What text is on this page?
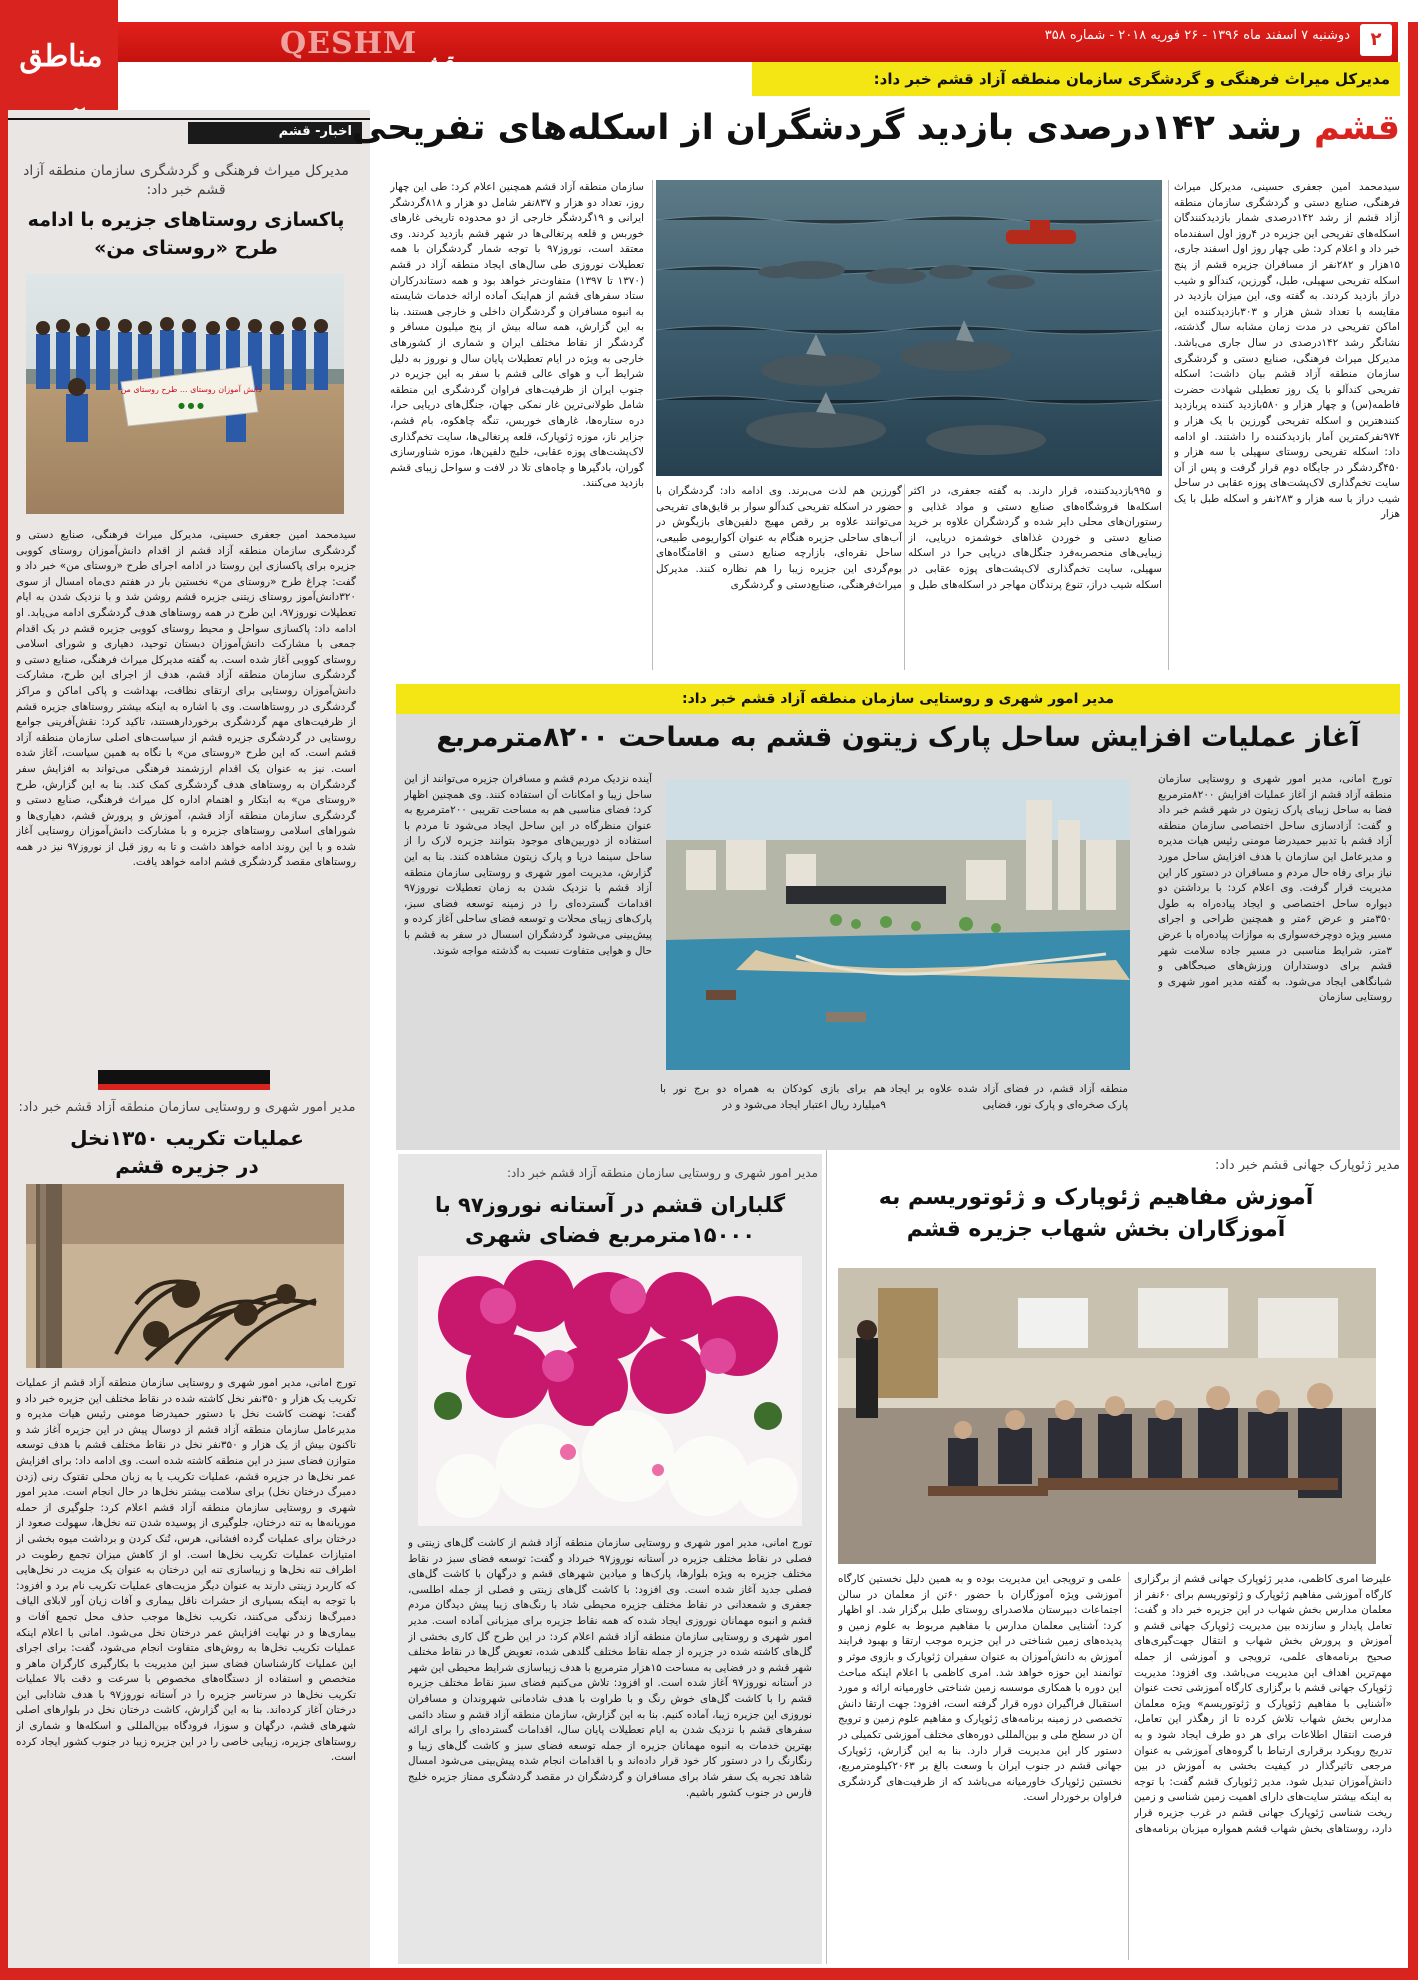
مناطق	QESHM
قشم
دوشنبه ۷ اسفند ماه ۱۳۹۶ - ۲۶ فوریه ۲۰۱۸ - شماره ۳۵۸	۲
اخبار- قشم
مدیرکل میراث فرهنگی و گردشگری سازمان منطقه آزاد قشم خبر داد:
پاکسازی روستاهای جزیره با ادامه طرح «روستای من»
دانش آموزان روستای ... طرح روستای من
● ● ●
سیدمحمد امین جعفری حسینی، مدیرکل میراث فرهنگی، صنایع دستی و گردشگری سازمان منطقه آزاد قشم از اقدام دانش‌آموزان روستای کووبی جزیره برای پاکسازی این روستا در ادامه اجرای طرح «روستای من» خبر داد و گفت: چراغ طرح «روستای من» نخستین بار در هفتم دی‌ماه امسال از سوی ۳۲۰دانش‌آموز روستای زیتنی جزیره قشم روشن شد و با نزدیک شدن به ایام تعطیلات نوروز۹۷، این طرح در همه روستاهای هدف گردشگری ادامه می‌یابد. او ادامه داد: پاکسازی سواحل و محیط روستای کووبی جزیره قشم در یک اقدام جمعی با مشارکت دانش‌آموزان دبستان توحید، دهیاری و شورای اسلامی روستای کووبی آغاز شده است. به گفته مدیرکل میراث فرهنگی، صنایع دستی و گردشگری سازمان منطقه آزاد قشم، هدف از اجرای این طرح، مشارکت دانش‌آموزان روستایی برای ارتقای نظافت، بهداشت و پاکی اماکن و مراکز گردشگری در روستاهاست. وی با اشاره به اینکه بیشتر روستاهای جزیره قشم از ظرفیت‌های مهم گردشگری برخوردارهستند، تاکید کرد: نقش‌آفرینی جوامع روستایی در گردشگری جزیره قشم از سیاست‌های اصلی سازمان منطقه آزاد قشم است. که این طرح «روستای من» با نگاه به همین سیاست، آغاز شده است. نیز به عنوان یک اقدام ارزشمند فرهنگی می‌تواند به افزایش سفر گردشگران به روستاهای هدف گردشگری کمک کند. بنا به این گزارش، طرح «روستای من» به ابتکار و اهتمام اداره کل میراث فرهنگی، صنایع دستی و گردشگری سازمان منطقه آزاد قشم، آموزش و پرورش قشم، دهیاری‌ها و شوراهای اسلامی روستاهای جزیره و با مشارکت دانش‌آموزان روستایی آغاز شده و با این روند ادامه خواهد داشت و تا به روز قبل از نوروز۹۷ نیز در همه روستاهای مقصد گردشگری قشم ادامه خواهد یافت.
مدیر امور شهری و روستایی سازمان منطقه آزاد قشم خبر داد:
عملیات تکریب ۱۳۵۰نخل در جزیره قشم
تورج امانی، مدیر امور شهری و روستایی سازمان منطقه آزاد قشم از عملیات تکریب یک هزار و ۳۵۰نفر نخل کاشته شده در نقاط مختلف این جزیره خبر داد و گفت: نهضت کاشت نخل با دستور حمیدرضا مومنی رئیس هیات مدیره و مدیرعامل سازمان منطقه آزاد قشم از دوسال پیش در این جزیره آغاز شد و تاکنون بیش از یک هزار و ۳۵۰نفر نخل در نقاط مختلف قشم با هدف توسعه متوازن فضای سبز در این منطقه کاشته شده است. وی ادامه داد: برای افزایش عمر نخل‌ها در جزیره قشم، عملیات تکریب یا به زبان محلی تقتوک رنی (زدن دمبرگ درختان نخل) برای سلامت بیشتر نخل‌ها در حال انجام است. مدیر امور شهری و روستایی سازمان منطقه آزاد قشم اعلام کرد: جلوگیری از حمله موریانه‌ها به تنه درختان، جلوگیری از پوسیده شدن تنه نخل‌ها، سهولت صعود از درختان برای عملیات گرده افشانی، هرس، تُنک کردن و برداشت میوه بخشی از امتیازات عملیات تکریب نخل‌ها است. او از کاهش میزان تجمع رطوبت در اطراف تنه نخل‌ها و زیباسازی تنه این درختان به عنوان یک مزیت در نخل‌هایی که کاربرد زینتی دارند به عنوان دیگر مزیت‌های عملیات تکریب نام برد و افزود: با توجه به اینکه بسیاری از حشرات ناقل بیماری و آفات زیان آور لابلای الیاف دمبرگ‌ها زندگی می‌کنند، تکریب نخل‌ها موجب حذف محل تجمع آفات و بیماری‌ها و در نهایت افزایش عمر درختان نخل می‌شود. امانی با اعلام اینکه عملیات تکریب نخل‌ها به روش‌های متفاوت انجام می‌شود، گفت: برای اجرای این عملیات کارشناسان فضای سبز این مدیریت با بکارگیری کارگران ماهر و متخصص و استفاده از دستگاه‌های مخصوص با سرعت و دقت بالا عملیات تکریب نخل‌ها در سرتاسر جزیره را در آستانه نوروز۹۷ با هدف شادابی این درختان آغاز کرده‌اند. بنا به این گزارش، کاشت درختان نخل در بلوارهای اصلی شهرهای قشم، درگهان و سوزا، فرودگاه بین‌المللی و اسکله‌ها و شماری از روستاهای جزیره، زیبایی خاصی را در این جزیره زیبا در جنوب کشور ایجاد کرده است.
مدیرکل میراث فرهنگی و گردشگری سازمان منطقه آزاد قشم خبر داد:
قشم رشد ۱۴۲درصدی بازدید گردشگران از اسکله‌های تفریحی
سیدمحمد امین جعفری حسینی، مدیرکل میراث فرهنگی، صنایع دستی و گردشگری سازمان منطقه آزاد قشم از رشد ۱۴۲درصدی شمار بازدیدکنندگان اسکله‌های تفریحی این جزیره در ۴روز اول اسفندماه خبر داد و اعلام کرد: طی چهار روز اول اسفند جاری، ۱۵هزار و ۲۸۲نفر از مسافران جزیره قشم از پنج اسکله تفریحی سهیلی، طبل، گورزین، کندآلو و شیب دراز بازدید کردند. به گفته وی، این میزان بازدید در مقایسه با تعداد شش هزار و ۳۰۳بازدیدکننده این اماکن تفریحی در مدت زمان مشابه سال گذشته، نشانگر رشد ۱۴۲درصدی در سال جاری می‌باشد. مدیرکل میراث فرهنگی، صنایع دستی و گردشگری سازمان منطقه آزاد قشم بیان داشت: اسکله تفریحی کندآلو با یک روز تعطیلی شهادت حضرت فاطمه(س) و چهار هزار و ۵۸۰بازدید کننده پربازدید کنندهترین و اسکله تفریحی گورزین با یک هزار و ۹۷۴نفرکمترین آمار بازدیدکننده را داشتند. او ادامه داد: اسکله تفریحی روستای سهیلی با سه هزار و ۴۵۰گردشگر در جایگاه دوم قرار گرفت و پس از آن سایت تخم‌گذاری لاک‌پشت‌های پوزه عقابی در ساحل شیب دراز با سه هزار و ۲۸۳نفر و اسکله طبل با یک هزار
و ۹۹۵بازدیدکننده، قرار دارند. به گفته جعفری، در اکثر اسکله‌ها فروشگاه‌های صنایع دستی و مواد غذایی و رستوران‌های محلی دایر شده و گردشگران علاوه بر خرید صنایع دستی و خوردن غذاهای خوشمزه دریایی، از زیبایی‌های منحصربه‌فرد جنگل‌های دریایی حرا در اسکله سهیلی، سایت تخم‌گذاری لاک‌پشت‌های پوزه عقابی در اسکله شیب دراز، تنوع پرندگان مهاجر در اسکله‌های طبل و
گورزین هم لذت می‌برند. وی ادامه داد: گردشگران با حضور در اسکله تفریحی کندآلو سوار بر قایق‌های تفریحی می‌توانند علاوه بر رقص مهیج دلفین‌های بازیگوش در آب‌های ساحلی جزیره هنگام به عنوان آکواریومی طبیعی، ساحل نقره‌ای، بازارچه صنایع دستی و اقامتگاه‌های بوم‌گردی این جزیره زیبا را هم نظاره کنند. مدیرکل میراث‌فرهنگی، صنایع‌دستی و گردشگری
سازمان منطقه آزاد قشم همچنین اعلام کرد: طی این چهار روز، تعداد دو هزار و ۸۳۷نفر شامل دو هزار و ۸۱۸گردشگر ایرانی و ۱۹گردشگر خارجی از دو محدوده تاریخی غارهای خوربس و قلعه پرتغالی‌ها در شهر قشم بازدید کردند. وی معتقد است، نوروز۹۷ با توجه شمار گردشگران با همه تعطیلات نوروزی طی سال‌های ایجاد منطقه آزاد در قشم (۱۳۷۰ تا ۱۳۹۷) متفاوت‌تر خواهد بود و همه دستاندرکاران ستاد سفرهای قشم از هم‌اینک آماده ارائه خدمات شایسته به انبوه مسافران و گردشگران داخلی و خارجی هستند. بنا به این گزارش، همه ساله بیش از پنج میلیون مسافر و گردشگر از نقاط مختلف ایران و شماری از کشورهای خارجی به ویژه در ایام تعطیلات پایان سال و نوروز به دلیل شرایط آب و هوای عالی قشم با سفر به این جزیره در جنوب ایران از ظرفیت‌های فراوان گردشگری این منطقه شامل طولانی‌ترین غار نمکی جهان، جنگل‌های دریایی حرا، دره ستاره‌ها، غارهای خوربس، تنگه چاهکوه، بام قشم، جزایر ناز، موزه ژئوپارک، قلعه پرتغالی‌ها، سایت تخم‌گذاری لاک‌پشت‌های پوزه عقابی، خلیج دلفین‌ها، موزه شناورسازی گوران، بادگیرها و چاه‌های تلا در لافت و سواحل زیبای قشم بازدید می‌کنند.
مدیر امور شهری و روستایی سازمان منطقه آزاد قشم خبر داد:
آغاز عملیات افزایش ساحل پارک زیتون قشم به مساحت ۸۲۰۰مترمربع
تورج امانی، مدیر امور شهری و روستایی سازمان منطقه آزاد قشم از آغاز عملیات افزایش ۸۲۰۰مترمربع فضا به ساحل زیبای پارک زیتون در شهر قشم خبر داد و گفت: آزادسازی ساحل اختصاصی سازمان منطقه آزاد قشم با تدبیر حمیدرضا مومنی رئیس هیات مدیره و مدیرعامل این سازمان با هدف افزایش ساحل مورد نیاز برای رفاه حال مردم و مسافران در دستور کار این مدیریت قرار گرفت. وی اعلام کرد: با برداشتن دو دیواره ساحل اختصاصی و ایجاد پیاده‌راه به طول ۳۵۰متر و عرض ۶متر و همچنین طراحی و اجرای مسیر ویژه دوچرخه‌سواری به موازات پیاده‌راه با عرض ۳متر، شرایط مناسبی در مسیر جاده سلامت شهر قشم برای دوستداران ورزش‌های صبحگاهی و شبانگاهی ایجاد می‌شود. به گفته مدیر امور شهری و روستایی سازمان
منطقه آزاد قشم، در فضای آزاد شده علاوه بر ایجاد پارک صخره‌ای و پارک نور، فضایی
هم برای بازی کودکان به همراه دو برج نور با ۹میلیارد ریال اعتبار ایجاد می‌شود و در
آینده نزدیک مردم قشم و مسافران جزیره می‌توانند از این ساحل زیبا و امکانات آن استفاده کنند. وی همچنین اظهار کرد: فضای مناسبی هم به مساحت تقریبی ۲۰۰مترمربع به عنوان منظرگاه در این ساحل ایجاد می‌شود تا مردم با استفاده از دوربین‌های موجود بتوانند جزیره لارک را از ساحل سینما دریا و پارک زیتون مشاهده کنند. بنا به این گزارش، مدیریت امور شهری و روستایی سازمان منطقه آزاد قشم با نزدیک شدن به زمان تعطیلات نوروز۹۷ اقدامات گسترده‌ای را در زمینه توسعه فضای سبز، پارک‌های زیبای محلات و توسعه فضای ساحلی آغاز کرده و پیش‌بینی می‌شود گردشگران اسسال در سفر به قشم با حال و هوایی متفاوت نسبت به گذشته مواجه شوند.
مدیر ژئوپارک جهانی قشم خبر داد:
آموزش مفاهیم ژئوپارک و ژئوتوریسم به آموزگاران بخش شهاب جزیره قشم
علیرضا امری کاظمی، مدیر ژئوپارک جهانی قشم از برگزاری کارگاه آموزشی مفاهیم ژئوپارک و ژئوتوریسم برای ۶۰نفر از معلمان مدارس بخش شهاب در این جزیره خبر داد و گفت: تعامل پایدار و سازنده بین مدیریت ژئوپارک جهانی قشم و آموزش و پرورش بخش شهاب و انتقال جهت‌گیری‌های صحیح برنامه‌های علمی، ترویجی و آموزشی از جمله مهم‌ترین اهداف این مدیریت می‌باشد. وی افزود: مدیریت ژئوپارک جهانی قشم با برگزاری کارگاه آموزشی تحت عنوان «آشنایی با مفاهیم ژئوپارک و ژئوتوریسم» ویژه معلمان مدارس بخش شهاب تلاش کرده تا از رهگذر این تعامل، فرصت انتقال اطلاعات برای هر دو طرف ایجاد شود و به تدریج رویکرد برقراری ارتباط با گروه‌های آموزشی به عنوان مرجعی تاثیرگذار در کیفیت بخشی به آموزش در بین دانش‌آموزان تبدیل شود. مدیر ژئوپارک قشم گفت: با توجه به اینکه بیشتر سایت‌های دارای اهمیت زمین شناسی و زمین ریخت شناسی ژئوپارک جهانی قشم در غرب جزیره قرار دارد، روستاهای بخش شهاب قشم همواره میزبان برنامه‌های
علمی و ترویجی این مدیریت بوده و به همین دلیل نخستین کارگاه آموزشی ویژه آموزگاران با حضور ۶۰تن از معلمان در سالن اجتماعات دبیرستان ملاصدرای روستای طبل برگزار شد. او اظهار کرد: آشنایی معلمان مدارس با مفاهیم مربوط به علوم زمین و پدیده‌های زمین شناختی در این جزیره موجب ارتقا و بهبود فرایند آموزش به دانش‌آموزان به عنوان سفیران ژئوپارک و بازوی موثر و توانمند این حوزه خواهد شد. امری کاظمی با اعلام اینکه مباحث این دوره با همکاری موسسه زمین شناختی خاورمیانه ارائه و مورد استقبال فراگیران دوره قرار گرفته است، افزود: جهت ارتقا دانش تخصصی در زمینه برنامه‌های ژئوپارک و مفاهیم علوم زمین و ترویج آن در سطح ملی و بین‌المللی دوره‌های مختلف آموزشی تکمیلی در دستور کار این مدیریت قرار دارد. بنا به این گزارش، ژئوپارک جهانی قشم در جنوب ایران با وسعت بالغ بر ۲۰۶۳کیلومترمربع، نخستین ژئوپارک خاورمیانه می‌باشد که از ظرفیت‌های گردشگری فراوان برخوردار است.
مدیر امور شهری و روستایی سازمان منطقه آزاد قشم خبر داد:
گلباران قشم در آستانه نوروز۹۷ با ۱۵۰۰۰مترمربع فضای شهری
تورج امانی، مدیر امور شهری و روستایی سازمان منطقه آزاد قشم از کاشت گل‌های زینتی و فصلی در نقاط مختلف جزیره در آستانه نوروز۹۷ خبرداد و گفت: توسعه فضای سبز در نقاط مختلف جزیره به ویژه بلوارها، پارک‌ها و میادین شهرهای قشم و درگهان با کاشت گل‌های فصلی جدید آغاز شده است. وی افزود: با کاشت گل‌های زینتی و فصلی از جمله اطلسی، جعفری و شمعدانی در نقاط مختلف جزیره محیطی شاد با رنگ‌های زیبا پیش دیدگان مردم قشم و انبوه مهمانان نوروزی ایجاد شده که همه نقاط جزیره برای میزبانی آماده است. مدیر امور شهری و روستایی سازمان منطقه آزاد قشم اعلام کرد: در این طرح گل کاری بخشی از گل‌های کاشته شده در جزیره از جمله نقاط مختلف گلدهی شده، تعویض گل‌ها در نقاط مختلف شهر قشم و در فضایی به مساحت ۱۵هزار مترمربع با هدف زیباسازی شرایط محیطی این شهر در آستانه نوروز۹۷ آغاز شده است. او افزود: تلاش می‌کنیم فضای سبز نقاط مختلف جزیره قشم را با کاشت گل‌های خوش رنگ و با طراوت با هدف شادمانی شهروندان و مسافران نوروزی این جزیره زیبا، آماده کنیم. بنا به این گزارش، سازمان منطقه آزاد قشم و ستاد دائمی سفرهای قشم با نزدیک شدن به ایام تعطیلات پایان سال، اقدامات گسترده‌ای را برای ارائه بهترین خدمات به انبوه مهمانان جزیره از جمله توسعه فضای سبز و کاشت گل‌های زیبا و رنگارنگ را در دستور کار خود قرار داده‌اند و با اقدامات انجام شده پیش‌بینی می‌شود امسال شاهد تجربه یک سفر شاد برای مسافران و گردشگران در مقصد گردشگری ممتاز جزیره خلیج فارس در جنوب کشور باشیم.
